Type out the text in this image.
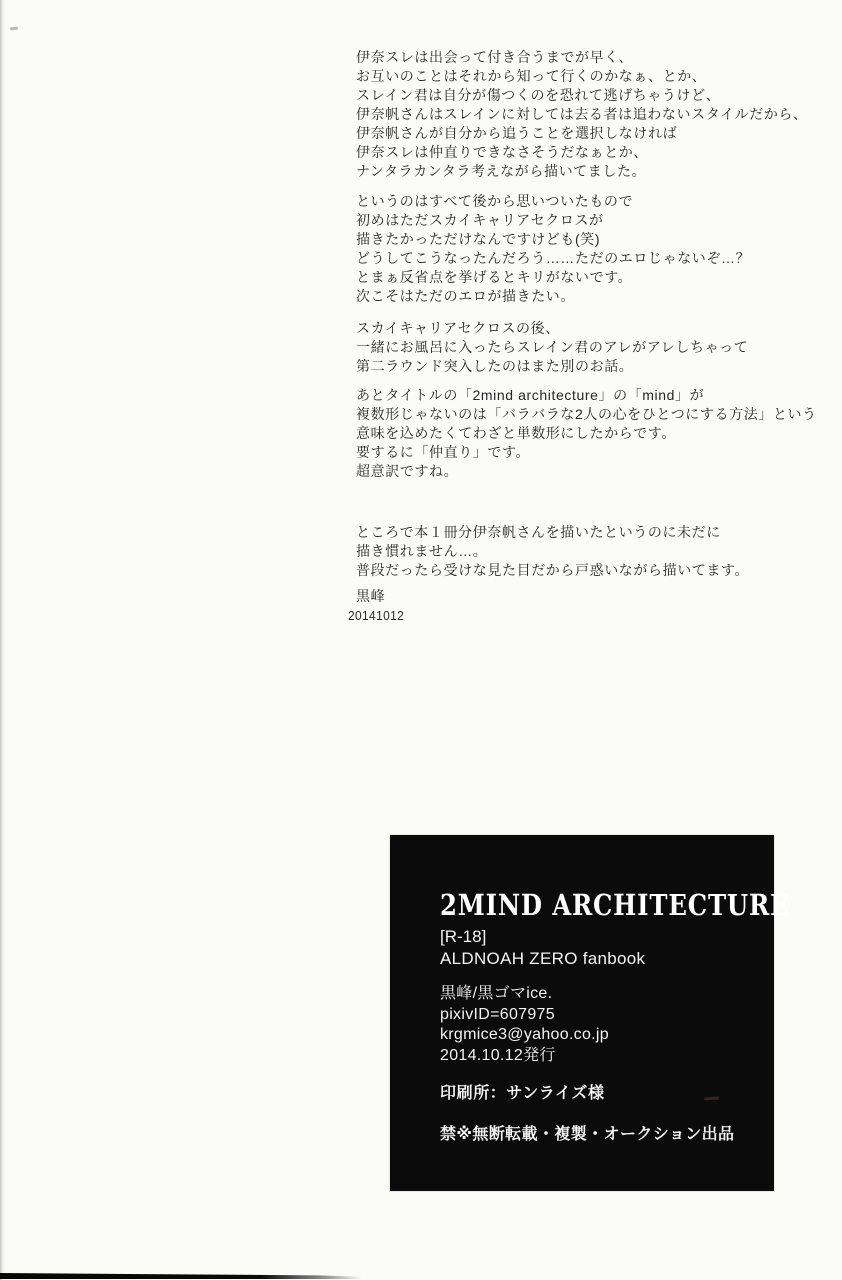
伊奈スレは出会って付き合うまでが早く、
お互いのことはそれから知って行くのかなぁ、とか、
スレイン君は自分が傷つくのを恐れて逃げちゃうけど、
伊奈帆さんはスレインに対しては去る者は追わないスタイルだから、
伊奈帆さんが自分から追うことを選択しなければ
伊奈スレは仲直りできなさそうだなぁとか、
ナンタラカンタラ考えながら描いてました。
というのはすべて後から思いついたもので
初めはただスカイキャリアセクロスが
描きたかっただけなんですけども(笑)
どうしてこうなったんだろう……ただのエロじゃないぞ…？
とまぁ反省点を挙げるとキリがないです。
次こそはただのエロが描きたい。
スカイキャリアセクロスの後、
一緒にお風呂に入ったらスレイン君のアレがアレしちゃって
第二ラウンド突入したのはまた別のお話。
あとタイトルの「2mind architecture」の「mind」が
複数形じゃないのは「バラバラな2人の心をひとつにする方法」という
意味を込めたくてわざと単数形にしたからです。
要するに「仲直り」です。
超意訳ですね。
ところで本１冊分伊奈帆さんを描いたというのに未だに
描き慣れません…。
普段だったら受けな見た目だから戸惑いながら描いてます。
黒峰
20141012
2MIND ARCHITECTURE
[R-18]
ALDNOAH ZERO fanbook
黒峰/黒ゴマice.
pixivID=607975
krgmice3@yahoo.co.jp
2014.10.12発行
印刷所：サンライズ様
禁※無断転載・複製・オークション出品
